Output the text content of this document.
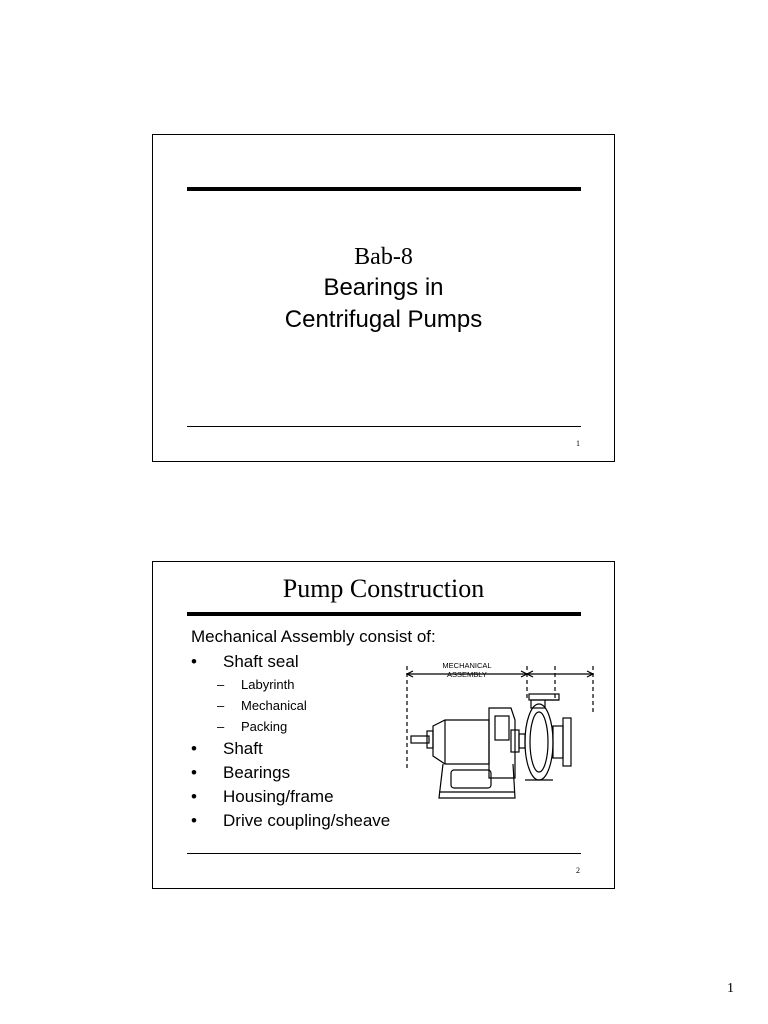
Bab-8
Bearings in
Centrifugal Pumps
1
Pump Construction
Mechanical Assembly consist of:
• Shaft seal
– Labyrinth
– Mechanical
– Packing
• Shaft
• Bearings
• Housing/frame
• Drive coupling/sheave
MECHANICAL
ASSEMBLY
2
1
